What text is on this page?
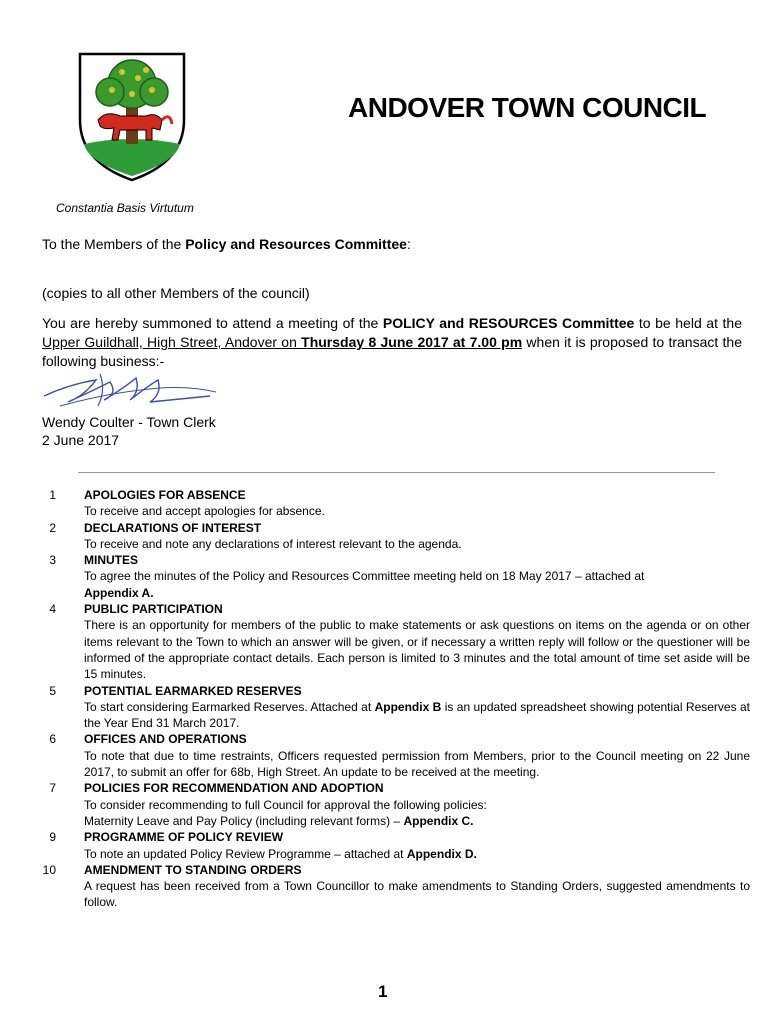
ANDOVER TOWN COUNCIL
Constantia Basis Virtutum
To the Members of the Policy and Resources Committee:
(copies to all other Members of the council)
You are hereby summoned to attend a meeting of the POLICY and RESOURCES Committee to be held at the Upper Guildhall, High Street, Andover on Thursday 8 June 2017 at 7.00 pm when it is proposed to transact the following business:-
Wendy Coulter - Town Clerk
2 June 2017
1 APOLOGIES FOR ABSENCE
To receive and accept apologies for absence.
2 DECLARATIONS OF INTEREST
To receive and note any declarations of interest relevant to the agenda.
3 MINUTES
To agree the minutes of the Policy and Resources Committee meeting held on 18 May 2017 – attached at
Appendix A.
4 PUBLIC PARTICIPATION
There is an opportunity for members of the public to make statements or ask questions on items on the agenda or on other items relevant to the Town to which an answer will be given, or if necessary a written reply will follow or the questioner will be informed of the appropriate contact details. Each person is limited to 3 minutes and the total amount of time set aside will be 15 minutes.
5 POTENTIAL EARMARKED RESERVES
To start considering Earmarked Reserves. Attached at Appendix B is an updated spreadsheet showing potential Reserves at the Year End 31 March 2017.
6 OFFICES AND OPERATIONS
To note that due to time restraints, Officers requested permission from Members, prior to the Council meeting on 22 June 2017, to submit an offer for 68b, High Street. An update to be received at the meeting.
7 POLICIES FOR RECOMMENDATION AND ADOPTION
To consider recommending to full Council for approval the following policies:
Maternity Leave and Pay Policy (including relevant forms) – Appendix C.
9 PROGRAMME OF POLICY REVIEW
To note an updated Policy Review Programme – attached at Appendix D.
10 AMENDMENT TO STANDING ORDERS
A request has been received from a Town Councillor to make amendments to Standing Orders, suggested amendments to follow.
1
